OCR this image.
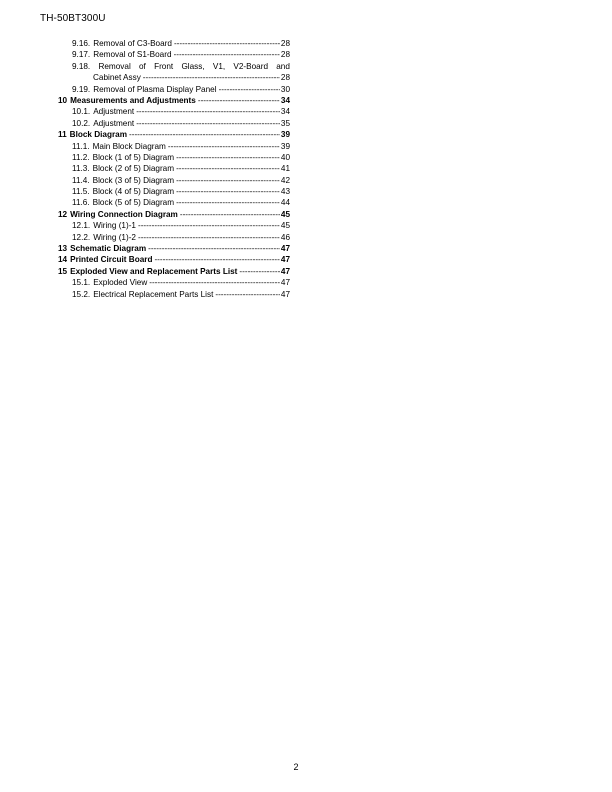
TH-50BT300U
9.16. Removal of C3-Board -----	28
9.17. Removal of S1-Board -----	28
9.18. Removal of Front Glass, V1, V2-Board and
Cabinet Assy -----	28
9.19. Removal of Plasma Display Panel -----	30
10 Measurements and Adjustments -----	34
10.1. Adjustment -----	34
10.2. Adjustment -----	35
11 Block Diagram -----	39
11.1. Main Block Diagram -----	39
11.2. Block (1 of 5) Diagram -----	40
11.3. Block (2 of 5) Diagram -----	41
11.4. Block (3 of 5) Diagram -----	42
11.5. Block (4 of 5) Diagram -----	43
11.6. Block (5 of 5) Diagram -----	44
12 Wiring Connection Diagram -----	45
12.1. Wiring (1)-1 -----	45
12.2. Wiring (1)-2 -----	46
13 Schematic Diagram -----	47
14 Printed Circuit Board -----	47
15 Exploded View and Replacement Parts List -----	47
15.1. Exploded View -----	47
15.2. Electrical Replacement Parts List -----	47
2
